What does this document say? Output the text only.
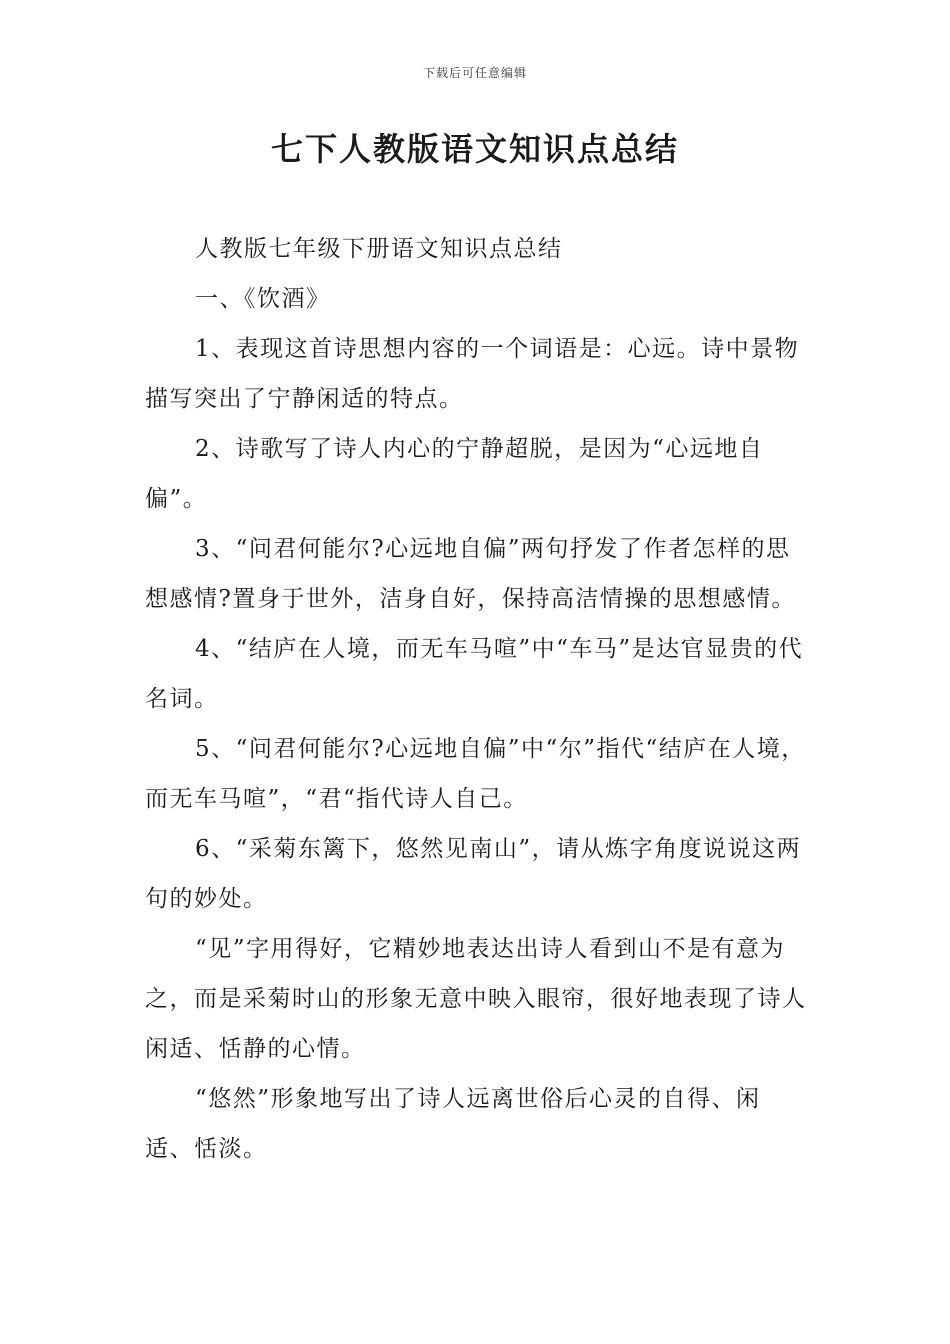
下载后可任意编辑
七下人教版语文知识点总结

人教版七年级下册语文知识点总结

一、《饮酒》

1、表现这首诗思想内容的一个词语是：心远。诗中景物描写突出了宁静闲适的特点。

2、诗歌写了诗人内心的宁静超脱，是因为“心远地自偏”。

3、“问君何能尔?心远地自偏”两句抒发了作者怎样的思想感情?置身于世外，洁身自好，保持高洁情操的思想感情。

4、“结庐在人境，而无车马喧”中“车马”是达官显贵的代名词。

5、“问君何能尔?心远地自偏”中“尔”指代“结庐在人境，而无车马喧”，“君“指代诗人自己。

6、“采菊东篱下，悠然见南山”，请从炼字角度说说这两句的妙处。

“见”字用得好，它精妙地表达出诗人看到山不是有意为之，而是采菊时山的形象无意中映入眼帘，很好地表现了诗人闲适、恬静的心情。

“悠然”形象地写出了诗人远离世俗后心灵的自得、闲适、恬淡。
